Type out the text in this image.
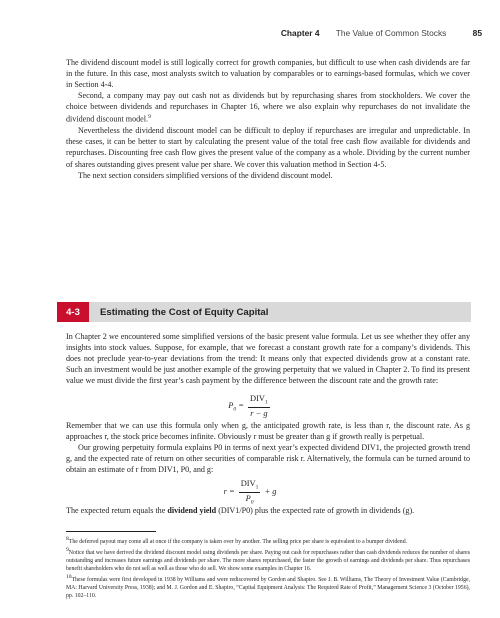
Chapter 4 The Value of Common Stocks	85

The dividend discount model is still logically correct for growth companies, but difficult to use when cash dividends are far in the future. In this case, most analysts switch to valuation by comparables or to earnings-based formulas, which we cover in Section 4-4.

Second, a company may pay out cash not as dividends but by repurchasing shares from stockholders. We cover the choice between dividends and repurchases in Chapter 16, where we also explain why repurchases do not invalidate the dividend discount model.$^9$

Nevertheless the dividend discount model can be difficult to deploy if repurchases are irregular and unpredictable. In these cases, it can be better to start by calculating the present value of the total free cash flow available for dividends and repurchases. Discounting free cash flow gives the present value of the company as a whole. Dividing by the current number of shares outstanding gives present value per share. We cover this valuation method in Section 4-5.

The next section considers simplified versions of the dividend discount model.

4-3	Estimating the Cost of Equity Capital

In Chapter 2 we encountered some simplified versions of the basic present value formula. Let us see whether they offer any insights into stock values. Suppose, for example, that we forecast a constant growth rate for a company’s dividends. This does not preclude year-to-year deviations from the trend: It means only that expected dividends grow at a constant rate. Such an investment would be just another example of the growing perpetuity that we valued in Chapter 2. To find its present value we must divide the first year’s cash payment by the difference between the discount rate and the growth rate:

$P_0 = \frac{DIV_1}{r - g}$

Remember that we can use this formula only when g, the anticipated growth rate, is less than r, the discount rate. As g approaches r, the stock price becomes infinite. Obviously r must be greater than g if growth really is perpetual.

Our growing perpetuity formula explains P0 in terms of next year’s expected dividend DIV1, the projected growth trend g, and the expected rate of return on other securities of comparable risk r. Alternatively, the formula can be turned around to obtain an estimate of r from DIV1, P0, and g:

$r = \frac{DIV_1}{P_0} + g$

The expected return equals the dividend yield (DIV1/P0) plus the expected rate of growth in dividends (g).

$^8$The deferred payout may come all at once if the company is taken over by another. The selling price per share is equivalent to a bumper dividend.

$^9$Notice that we have derived the dividend discount model using dividends per share. Paying out cash for repurchases rather than cash dividends reduces the number of shares outstanding and increases future earnings and dividends per share. The more shares repurchased, the faster the growth of earnings and dividends per share. Thus repurchases benefit shareholders who do not sell as well as those who do sell. We show some examples in Chapter 16.

$^{10}$These formulas were first developed in 1938 by Williams and were rediscovered by Gordon and Shapiro. See J. B. Williams, The Theory of Investment Value (Cambridge, MA: Harvard University Press, 1938); and M. J. Gordon and E. Shapiro, “Capital Equipment Analysis: The Required Rate of Profit,” Management Science 3 (October 1956), pp. 102–110.
